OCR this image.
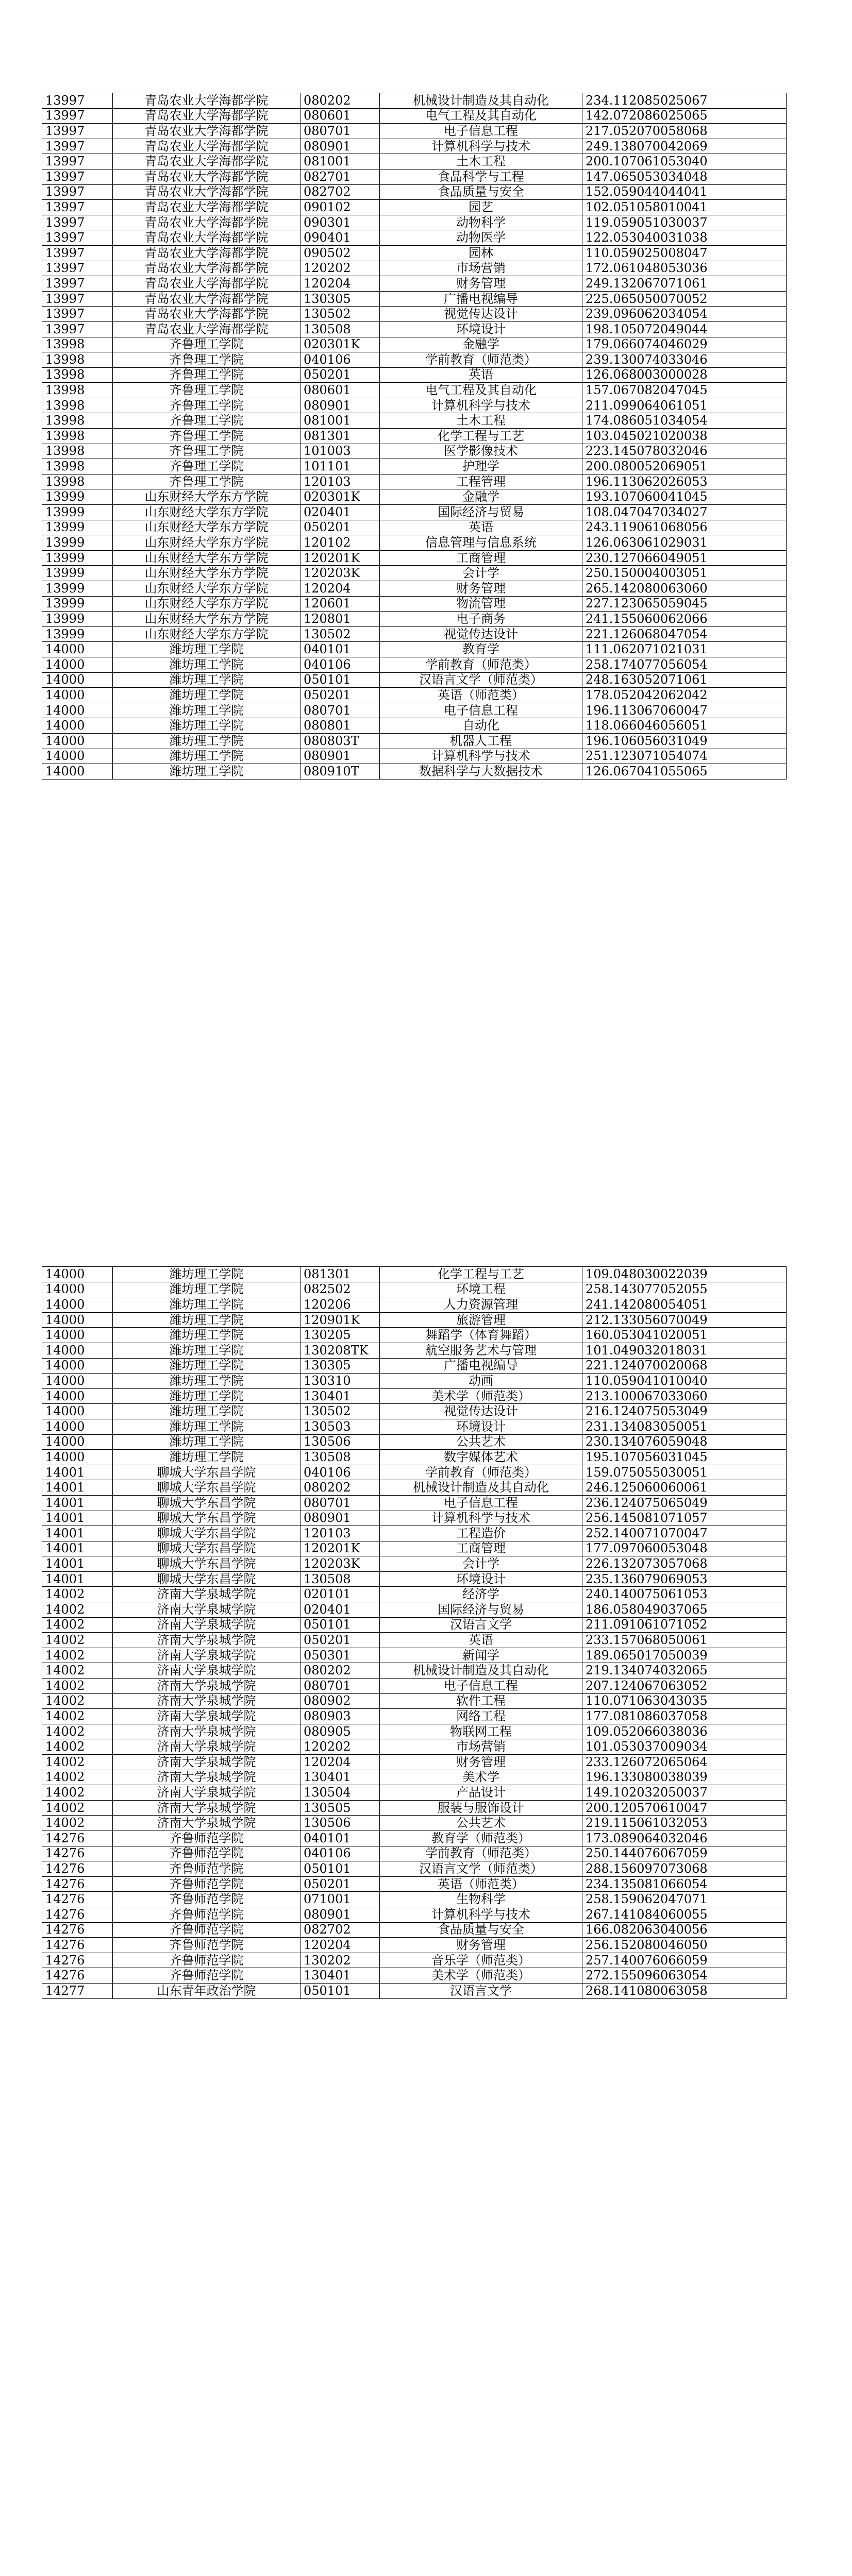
13997	青岛农业大学海都学院	080202	机械设计制造及其自动化	234.112085025067
13997	青岛农业大学海都学院	080601	电气工程及其自动化	142.072086025065
13997	青岛农业大学海都学院	080701	电子信息工程	217.052070058068
13997	青岛农业大学海都学院	080901	计算机科学与技术	249.138070042069
13997	青岛农业大学海都学院	081001	土木工程	200.107061053040
13997	青岛农业大学海都学院	082701	食品科学与工程	147.065053034048
13997	青岛农业大学海都学院	082702	食品质量与安全	152.059044044041
13997	青岛农业大学海都学院	090102	园艺	102.051058010041
13997	青岛农业大学海都学院	090301	动物科学	119.059051030037
13997	青岛农业大学海都学院	090401	动物医学	122.053040031038
13997	青岛农业大学海都学院	090502	园林	110.059025008047
13997	青岛农业大学海都学院	120202	市场营销	172.061048053036
13997	青岛农业大学海都学院	120204	财务管理	249.132067071061
13997	青岛农业大学海都学院	130305	广播电视编导	225.065050070052
13997	青岛农业大学海都学院	130502	视觉传达设计	239.096062034054
13997	青岛农业大学海都学院	130508	环境设计	198.105072049044
13998	齐鲁理工学院	020301K	金融学	179.066074046029
13998	齐鲁理工学院	040106	学前教育（师范类）	239.130074033046
13998	齐鲁理工学院	050201	英语	126.068003000028
13998	齐鲁理工学院	080601	电气工程及其自动化	157.067082047045
13998	齐鲁理工学院	080901	计算机科学与技术	211.099064061051
13998	齐鲁理工学院	081001	土木工程	174.086051034054
13998	齐鲁理工学院	081301	化学工程与工艺	103.045021020038
13998	齐鲁理工学院	101003	医学影像技术	223.145078032046
13998	齐鲁理工学院	101101	护理学	200.080052069051
13998	齐鲁理工学院	120103	工程管理	196.113062026053
13999	山东财经大学东方学院	020301K	金融学	193.107060041045
13999	山东财经大学东方学院	020401	国际经济与贸易	108.047047034027
13999	山东财经大学东方学院	050201	英语	243.119061068056
13999	山东财经大学东方学院	120102	信息管理与信息系统	126.063061029031
13999	山东财经大学东方学院	120201K	工商管理	230.127066049051
13999	山东财经大学东方学院	120203K	会计学	250.150004003051
13999	山东财经大学东方学院	120204	财务管理	265.142080063060
13999	山东财经大学东方学院	120601	物流管理	227.123065059045
13999	山东财经大学东方学院	120801	电子商务	241.155060062066
13999	山东财经大学东方学院	130502	视觉传达设计	221.126068047054
14000	潍坊理工学院	040101	教育学	111.062071021031
14000	潍坊理工学院	040106	学前教育（师范类）	258.174077056054
14000	潍坊理工学院	050101	汉语言文学（师范类）	248.163052071061
14000	潍坊理工学院	050201	英语（师范类）	178.052042062042
14000	潍坊理工学院	080701	电子信息工程	196.113067060047
14000	潍坊理工学院	080801	自动化	118.066046056051
14000	潍坊理工学院	080803T	机器人工程	196.106056031049
14000	潍坊理工学院	080901	计算机科学与技术	251.123071054074
14000	潍坊理工学院	080910T	数据科学与大数据技术	126.067041055065
14000	潍坊理工学院	081301	化学工程与工艺	109.048030022039
14000	潍坊理工学院	082502	环境工程	258.143077052055
14000	潍坊理工学院	120206	人力资源管理	241.142080054051
14000	潍坊理工学院	120901K	旅游管理	212.133056070049
14000	潍坊理工学院	130205	舞蹈学（体育舞蹈）	160.053041020051
14000	潍坊理工学院	130208TK	航空服务艺术与管理	101.049032018031
14000	潍坊理工学院	130305	广播电视编导	221.124070020068
14000	潍坊理工学院	130310	动画	110.059041010040
14000	潍坊理工学院	130401	美术学（师范类）	213.100067033060
14000	潍坊理工学院	130502	视觉传达设计	216.124075053049
14000	潍坊理工学院	130503	环境设计	231.134083050051
14000	潍坊理工学院	130506	公共艺术	230.134076059048
14000	潍坊理工学院	130508	数字媒体艺术	195.107056031045
14001	聊城大学东昌学院	040106	学前教育（师范类）	159.075055030051
14001	聊城大学东昌学院	080202	机械设计制造及其自动化	246.125060060061
14001	聊城大学东昌学院	080701	电子信息工程	236.124075065049
14001	聊城大学东昌学院	080901	计算机科学与技术	256.145081071057
14001	聊城大学东昌学院	120103	工程造价	252.140071070047
14001	聊城大学东昌学院	120201K	工商管理	177.097060053048
14001	聊城大学东昌学院	120203K	会计学	226.132073057068
14001	聊城大学东昌学院	130508	环境设计	235.136079069053
14002	济南大学泉城学院	020101	经济学	240.140075061053
14002	济南大学泉城学院	020401	国际经济与贸易	186.058049037065
14002	济南大学泉城学院	050101	汉语言文学	211.091061071052
14002	济南大学泉城学院	050201	英语	233.157068050061
14002	济南大学泉城学院	050301	新闻学	189.065017050039
14002	济南大学泉城学院	080202	机械设计制造及其自动化	219.134074032065
14002	济南大学泉城学院	080701	电子信息工程	207.124067063052
14002	济南大学泉城学院	080902	软件工程	110.071063043035
14002	济南大学泉城学院	080903	网络工程	177.081086037058
14002	济南大学泉城学院	080905	物联网工程	109.052066038036
14002	济南大学泉城学院	120202	市场营销	101.053037009034
14002	济南大学泉城学院	120204	财务管理	233.126072065064
14002	济南大学泉城学院	130401	美术学	196.133080038039
14002	济南大学泉城学院	130504	产品设计	149.102032050037
14002	济南大学泉城学院	130505	服装与服饰设计	200.120570610047
14002	济南大学泉城学院	130506	公共艺术	219.115061032053
14276	齐鲁师范学院	040101	教育学（师范类）	173.089064032046
14276	齐鲁师范学院	040106	学前教育（师范类）	250.144076067059
14276	齐鲁师范学院	050101	汉语言文学（师范类）	288.156097073068
14276	齐鲁师范学院	050201	英语（师范类）	234.135081066054
14276	齐鲁师范学院	071001	生物科学	258.159062047071
14276	齐鲁师范学院	080901	计算机科学与技术	267.141084060055
14276	齐鲁师范学院	082702	食品质量与安全	166.082063040056
14276	齐鲁师范学院	120204	财务管理	256.152080046050
14276	齐鲁师范学院	130202	音乐学（师范类）	257.140076066059
14276	齐鲁师范学院	130401	美术学（师范类）	272.155096063054
14277	山东青年政治学院	050101	汉语言文学	268.141080063058
